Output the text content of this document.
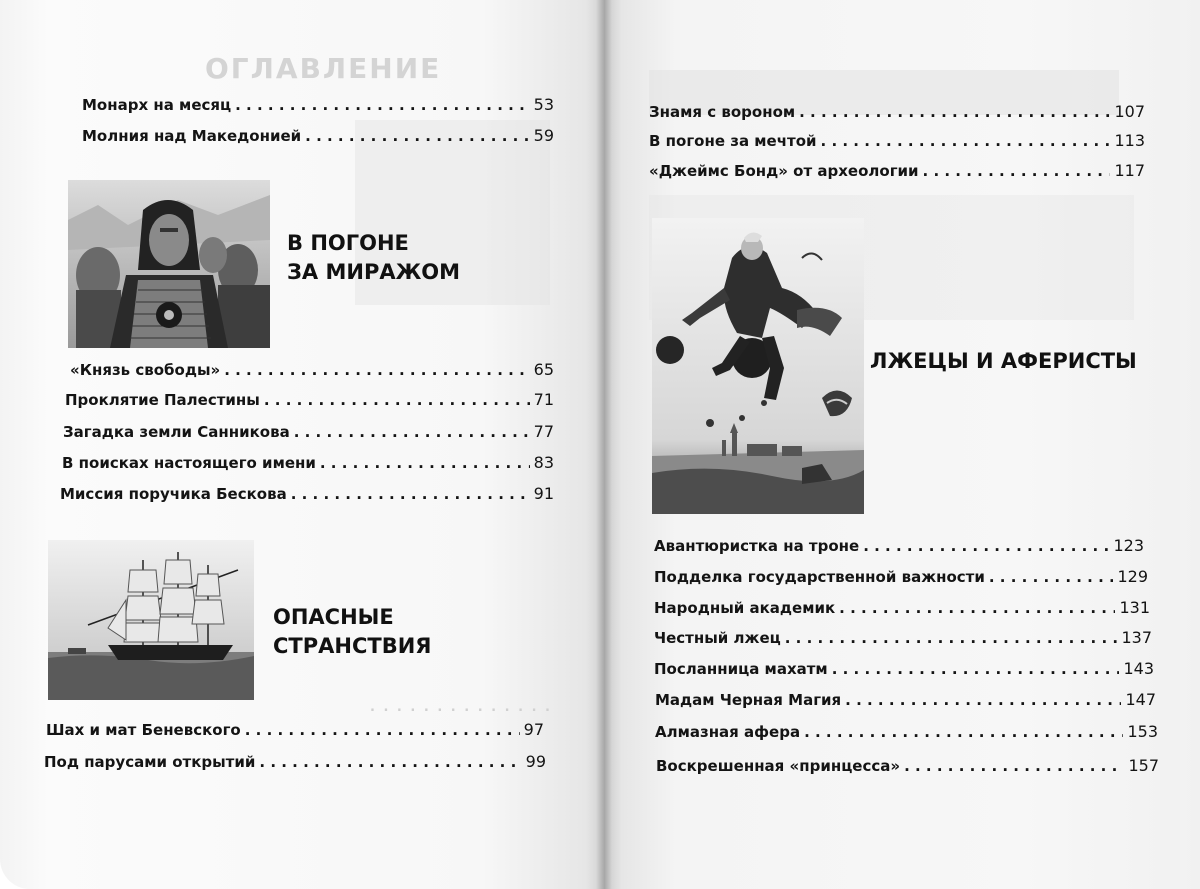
ОГЛАВЛЕНИЕ
Монарх на месяц . . .	53
Молния над Македонией . . .	59
В ПОГОНЕ
ЗА МИРАЖОМ
«Князь свободы» . . .	65
Проклятие Палестины . . .	71
Загадка земли Санникова . . .	77
В поисках настоящего имени . . .	83
Миссия поручика Бескова . . .	91
ОПАСНЫЕ
СТРАНСТВИЯ
. . . . . . . . . . . . . .
Шах и мат Беневского . . .	97
Под парусами открытий . . .	99
Знамя с вороном . . .	107
В погоне за мечтой . . .	113
«Джеймс Бонд» от археологии . . .	117
ЛЖЕЦЫ И АФЕРИСТЫ
Авантюристка на троне . . .	123
Подделка государственной важности . . .	129
Народный академик . . .	131
Честный лжец . . .	137
Посланница махатм . . .	143
Мадам Черная Магия . . .	147
Алмазная афера . . .	153
Воскрешенная «принцесса» . . .	157
